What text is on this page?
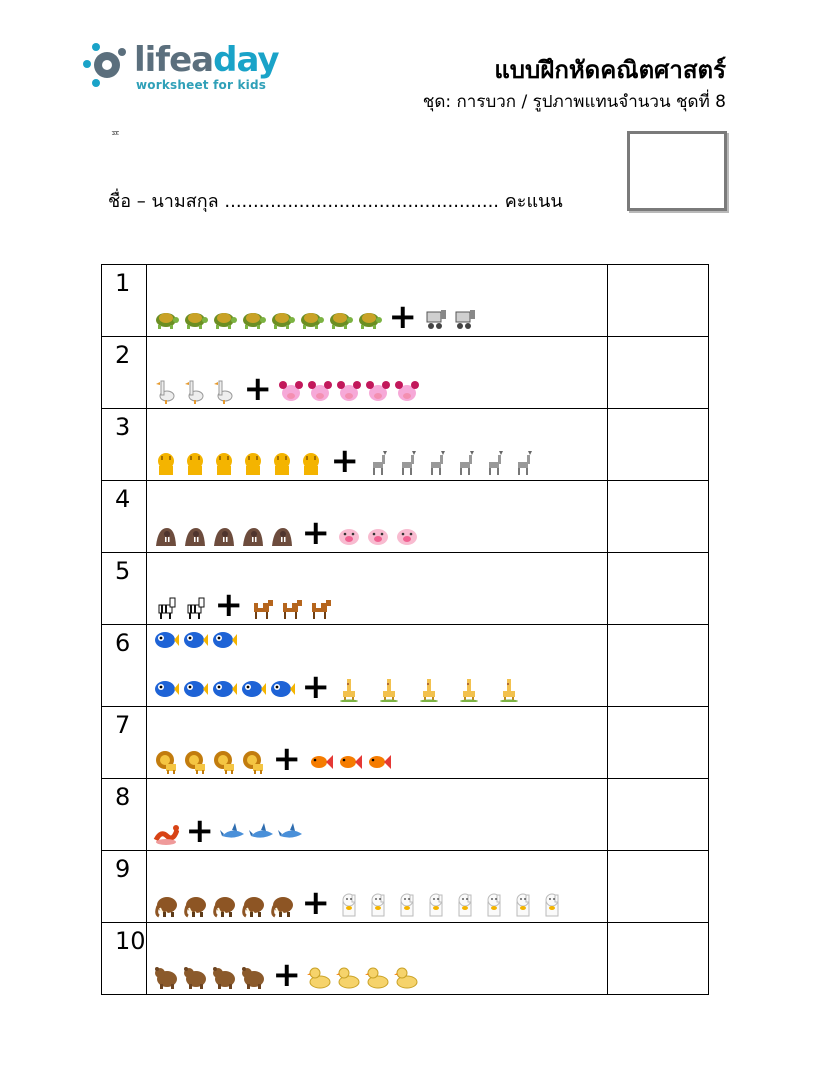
lifeaday
worksheet for kids
แบบฝึกหัดคณิตศาสตร์
ชุด: การบวก / รูปภาพแทนจำนวน ชุดที่ 8
ᄑ
ชื่อ – นามสกุล ................................................ คะแนน
1	+	

2	+	

3	+	

4	+	

5	+	

6	+	

7	+	

8	+	

9	+	

10	+	
